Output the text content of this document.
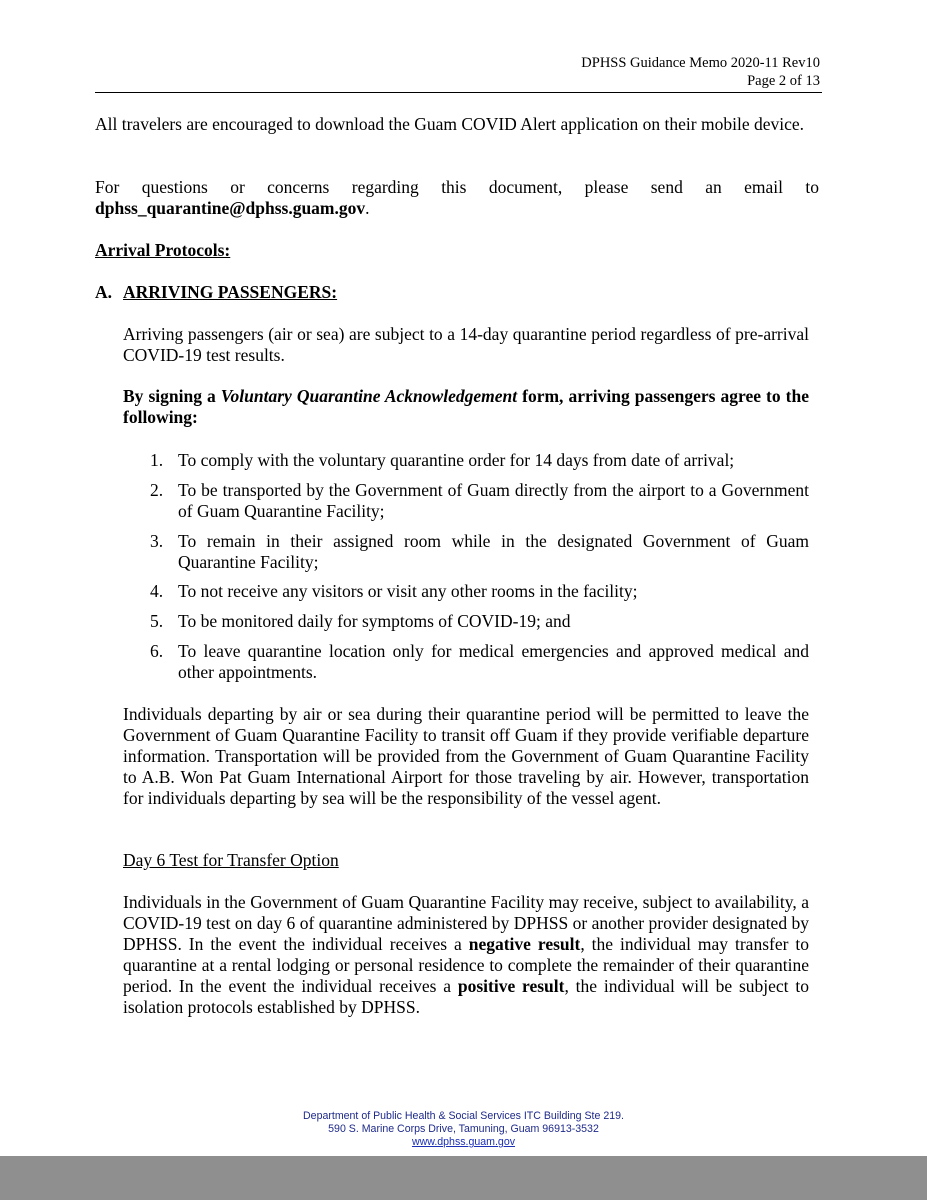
DPHSS Guidance Memo 2020-11 Rev10
Page 2 of 13
All travelers are encouraged to download the Guam COVID Alert application on their mobile device.
For questions or concerns regarding this document, please send an email to
dphss_quarantine@dphss.guam.gov.
Arrival Protocols:
A. ARRIVING PASSENGERS:
Arriving passengers (air or sea) are subject to a 14-day quarantine period regardless of pre-arrival COVID-19 test results.
By signing a Voluntary Quarantine Acknowledgement form, arriving passengers agree to the following:
1. To comply with the voluntary quarantine order for 14 days from date of arrival;
2. To be transported by the Government of Guam directly from the airport to a Government of Guam Quarantine Facility;
3. To remain in their assigned room while in the designated Government of Guam Quarantine Facility;
4. To not receive any visitors or visit any other rooms in the facility;
5. To be monitored daily for symptoms of COVID-19; and
6. To leave quarantine location only for medical emergencies and approved medical and other appointments.
Individuals departing by air or sea during their quarantine period will be permitted to leave the Government of Guam Quarantine Facility to transit off Guam if they provide verifiable departure information. Transportation will be provided from the Government of Guam Quarantine Facility to A.B. Won Pat Guam International Airport for those traveling by air. However, transportation for individuals departing by sea will be the responsibility of the vessel agent.
Day 6 Test for Transfer Option
Individuals in the Government of Guam Quarantine Facility may receive, subject to availability, a COVID-19 test on day 6 of quarantine administered by DPHSS or another provider designated by DPHSS. In the event the individual receives a negative result, the individual may transfer to quarantine at a rental lodging or personal residence to complete the remainder of their quarantine period. In the event the individual receives a positive result, the individual will be subject to isolation protocols established by DPHSS.
Department of Public Health & Social Services ITC Building Ste 219.
590 S. Marine Corps Drive, Tamuning, Guam 96913-3532
www.dphss.guam.gov
